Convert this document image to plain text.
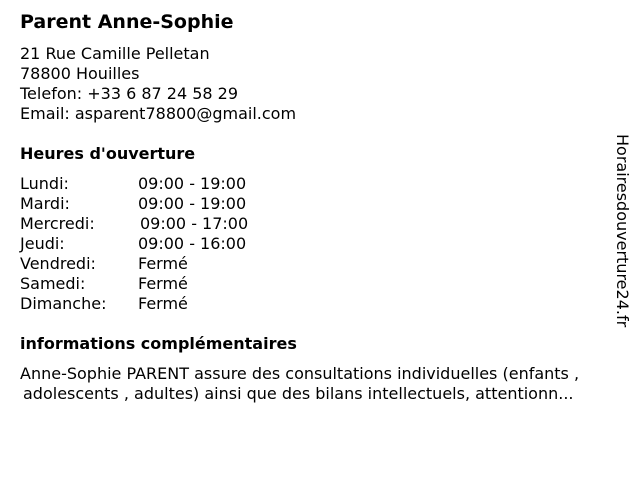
Parent Anne-Sophie
21 Rue Camille Pelletan
78800 Houilles
Telefon: +33 6 87 24 58 29
Email: asparent78800@gmail.com
Heures d'ouverture
Lundi:	09:00 - 19:00
Mardi:	09:00 - 19:00
Mercredi:	09:00 - 17:00
Jeudi:	09:00 - 16:00
Vendredi:	Fermé
Samedi:	Fermé
Dimanche: Fermé
informations complémentaires
Anne-Sophie PARENT assure des consultations individuelles (enfants ,
adolescents , adultes) ainsi que des bilans intellectuels, attentionn...
Horairesdouverture24.fr
